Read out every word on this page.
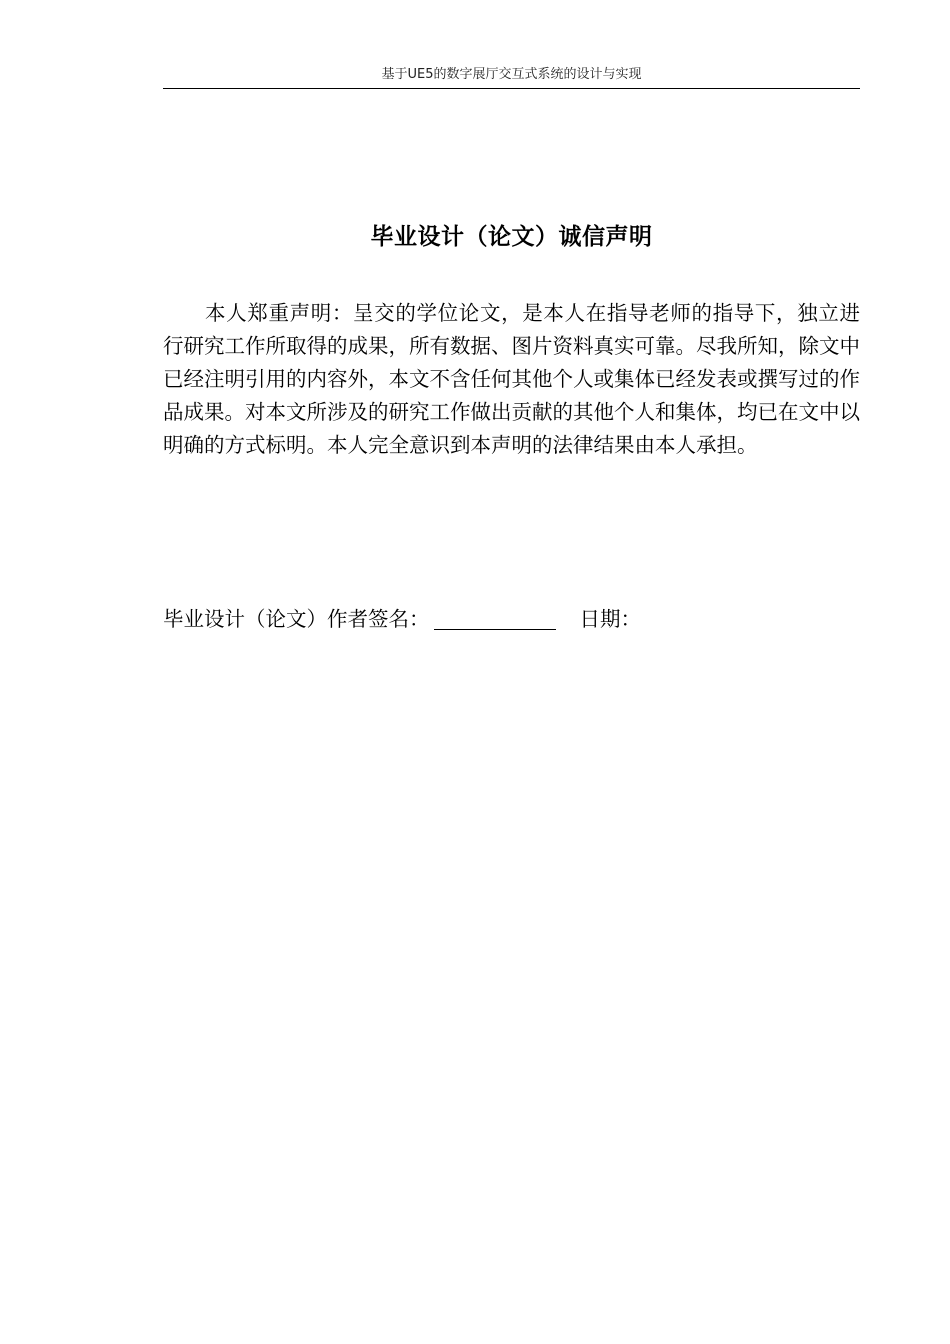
基于UE5的数字展厅交互式系统的设计与实现
毕业设计（论文）诚信声明

本人郑重声明：呈交的学位论文，是本人在指导老师的指导下，独立进行研究工作所取得的成果，所有数据、图片资料真实可靠。尽我所知，除文中已经注明引用的内容外，本文不含任何其他个人或集体已经发表或撰写过的作品成果。对本文所涉及的研究工作做出贡献的其他个人和集体，均已在文中以明确的方式标明。本人完全意识到本声明的法律结果由本人承担。

毕业设计（论文）作者签名：	日期：
